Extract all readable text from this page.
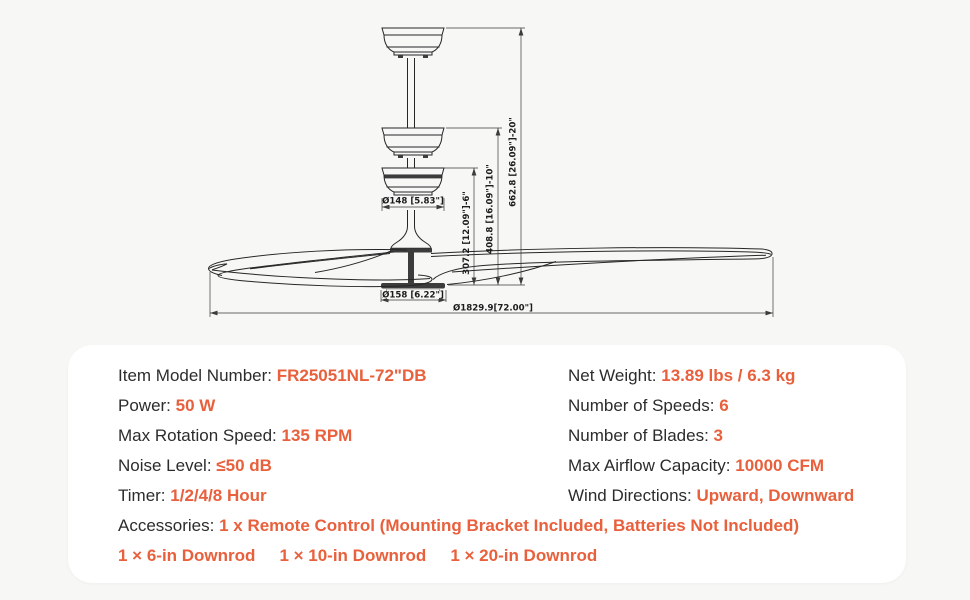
Ø148 [5.83"]
Ø158 [6.22"]
Ø1829.9[72.00"]
307.2 [12.09"]-6" 408.8 [16.09"]-10"
662.8 [26.09"]-20"
Item Model Number: FR25051NL-72"DB	Net Weight: 13.89 lbs / 6.3 kg
Power: 50 W	Number of Speeds: 6
Max Rotation Speed: 135 RPM	Number of Blades: 3
Noise Level: ≤50 dB	Max Airflow Capacity: 10000 CFM
Timer: 1/2/4/8 Hour	Wind Directions: Upward, Downward
Accessories: 1 x Remote Control (Mounting Bracket Included, Batteries Not Included)
1 × 6-in Downrod 1 × 10-in Downrod 1 × 20-in Downrod
